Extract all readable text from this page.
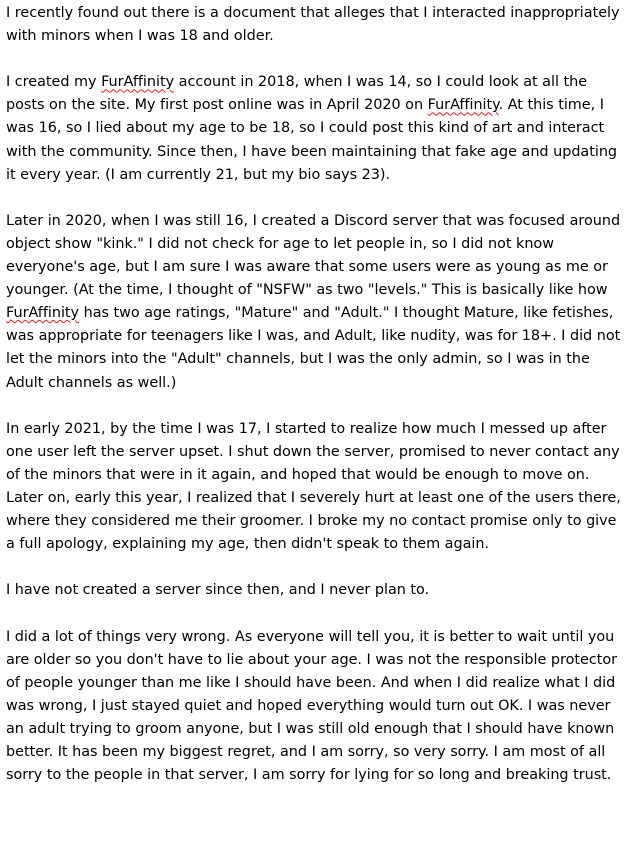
I recently found out there is a document that alleges that I interacted inappropriately with minors when I was 18 and older.

I created my FurAffinity account in 2018, when I was 14, so I could look at all the posts on the site. My first post online was in April 2020 on FurAffinity. At this time, I was 16, so I lied about my age to be 18, so I could post this kind of art and interact with the community. Since then, I have been maintaining that fake age and updating it every year. (I am currently 21, but my bio says 23).

Later in 2020, when I was still 16, I created a Discord server that was focused around object show "kink." I did not check for age to let people in, so I did not know everyone's age, but I am sure I was aware that some users were as young as me or younger. (At the time, I thought of "NSFW" as two "levels." This is basically like how FurAffinity has two age ratings, "Mature" and "Adult." I thought Mature, like fetishes, was appropriate for teenagers like I was, and Adult, like nudity, was for 18+. I did not let the minors into the "Adult" channels, but I was the only admin, so I was in the Adult channels as well.)

In early 2021, by the time I was 17, I started to realize how much I messed up after one user left the server upset. I shut down the server, promised to never contact any of the minors that were in it again, and hoped that would be enough to move on. Later on, early this year, I realized that I severely hurt at least one of the users there, where they considered me their groomer. I broke my no contact promise only to give a full apology, explaining my age, then didn't speak to them again.

I have not created a server since then, and I never plan to.

I did a lot of things very wrong. As everyone will tell you, it is better to wait until you are older so you don't have to lie about your age. I was not the responsible protector of people younger than me like I should have been. And when I did realize what I did was wrong, I just stayed quiet and hoped everything would turn out OK. I was never an adult trying to groom anyone, but I was still old enough that I should have known better. It has been my biggest regret, and I am sorry, so very sorry. I am most of all sorry to the people in that server, I am sorry for lying for so long and breaking trust.
